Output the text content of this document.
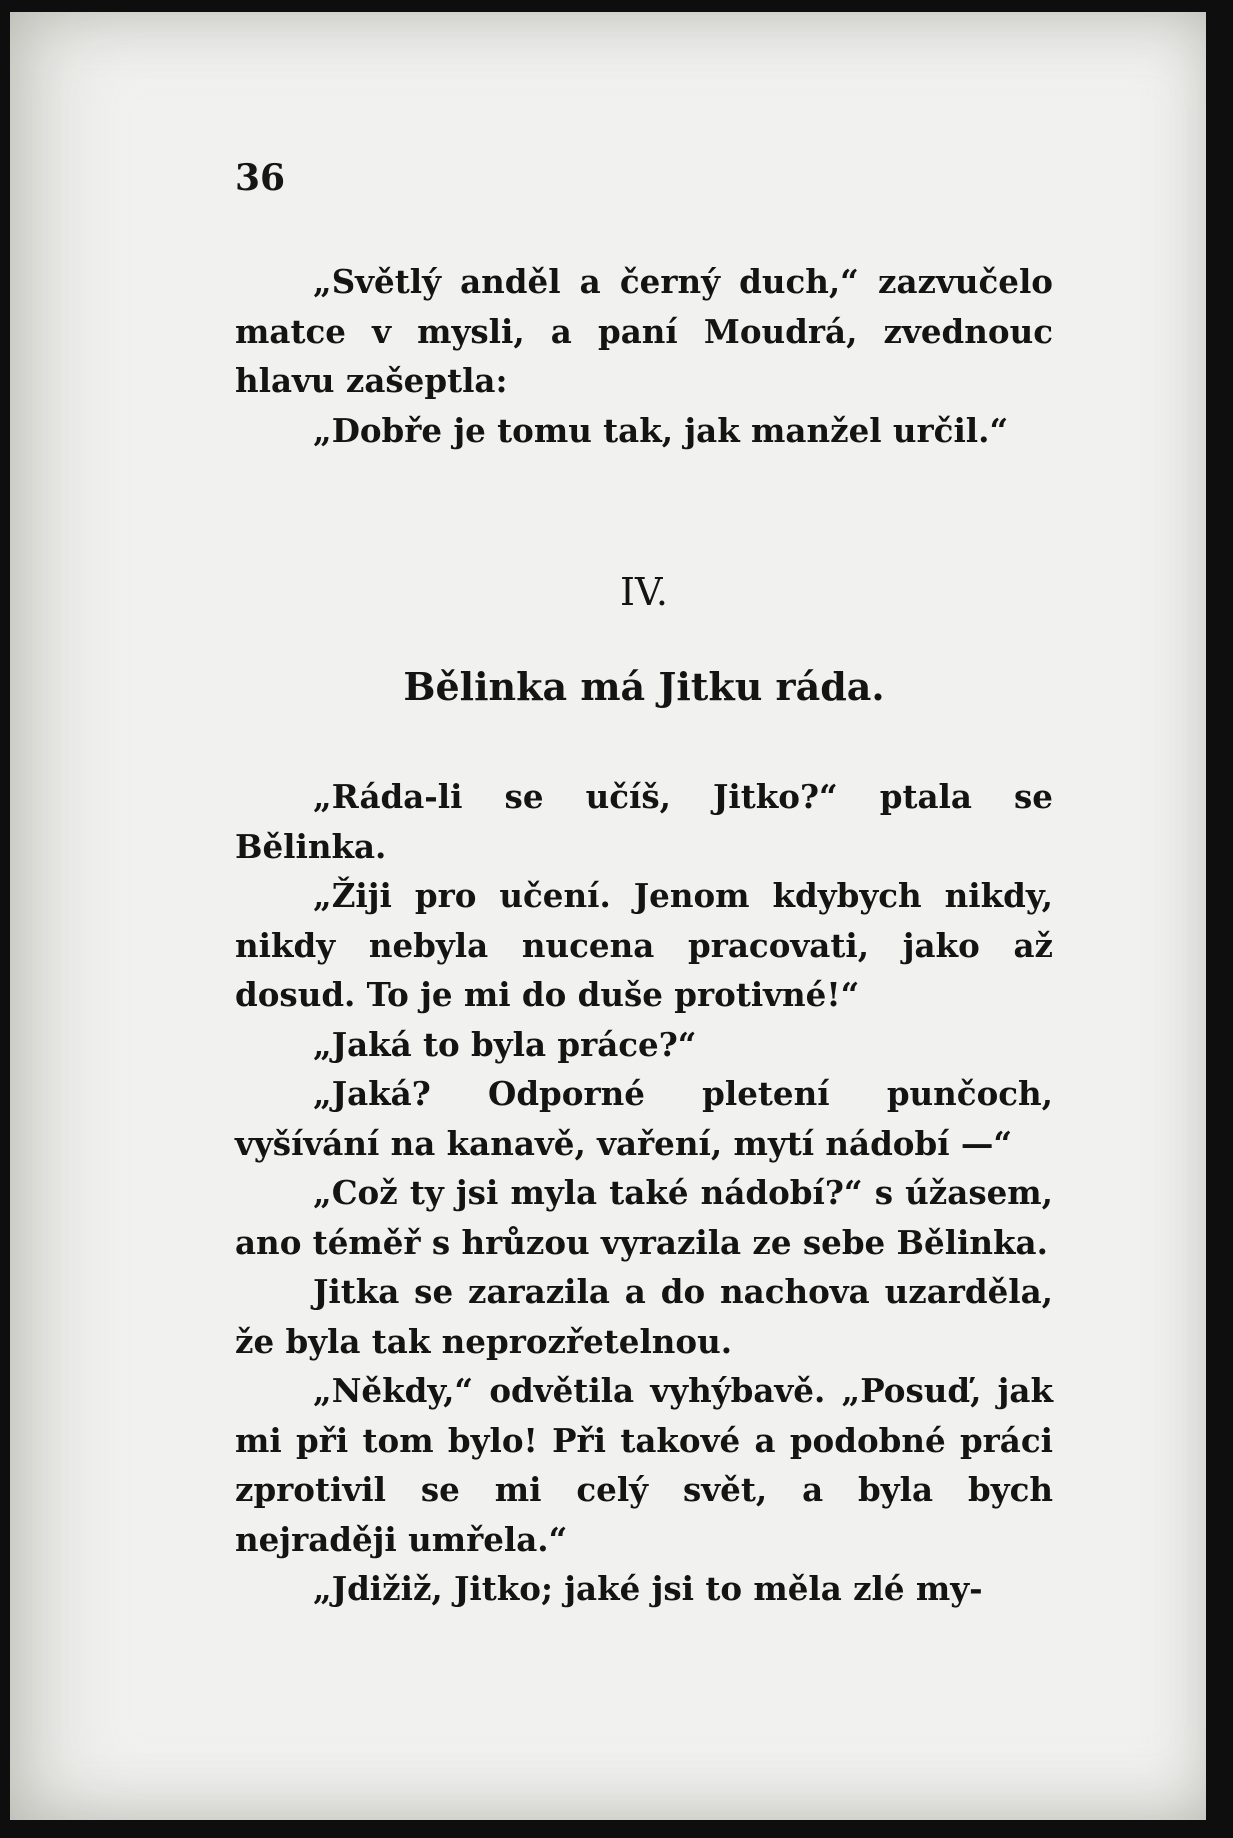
36

„Světlý anděl a černý duch,“ zazvučelo matce v mysli, a paní Moudrá, zvednouc hlavu zašeptla:

„Dobře je tomu tak, jak manžel určil.“

IV.
Bělinka má Jitku ráda.

„Ráda-li se učíš, Jitko?“ ptala se Bělinka.

„Žiji pro učení. Jenom kdybych nikdy, nikdy nebyla nucena pracovati, jako až dosud. To je mi do duše protivné!“

„Jaká to byla práce?“

„Jaká? Odporné pletení punčoch, vyšívání na kanavě, vaření, mytí nádobí —“

„Což ty jsi myla také nádobí?“ s úžasem, ano téměř s hrůzou vyrazila ze sebe Bělinka.

Jitka se zarazila a do nachova uzarděla, že byla tak neprozřetelnou.

„Někdy,“ odvětila vyhýbavě. „Posuď, jak mi při tom bylo! Při takové a podobné práci zprotivil se mi celý svět, a byla bych nejraději umřela.“

„Jdižiž, Jitko; jaké jsi to měla zlé my-
